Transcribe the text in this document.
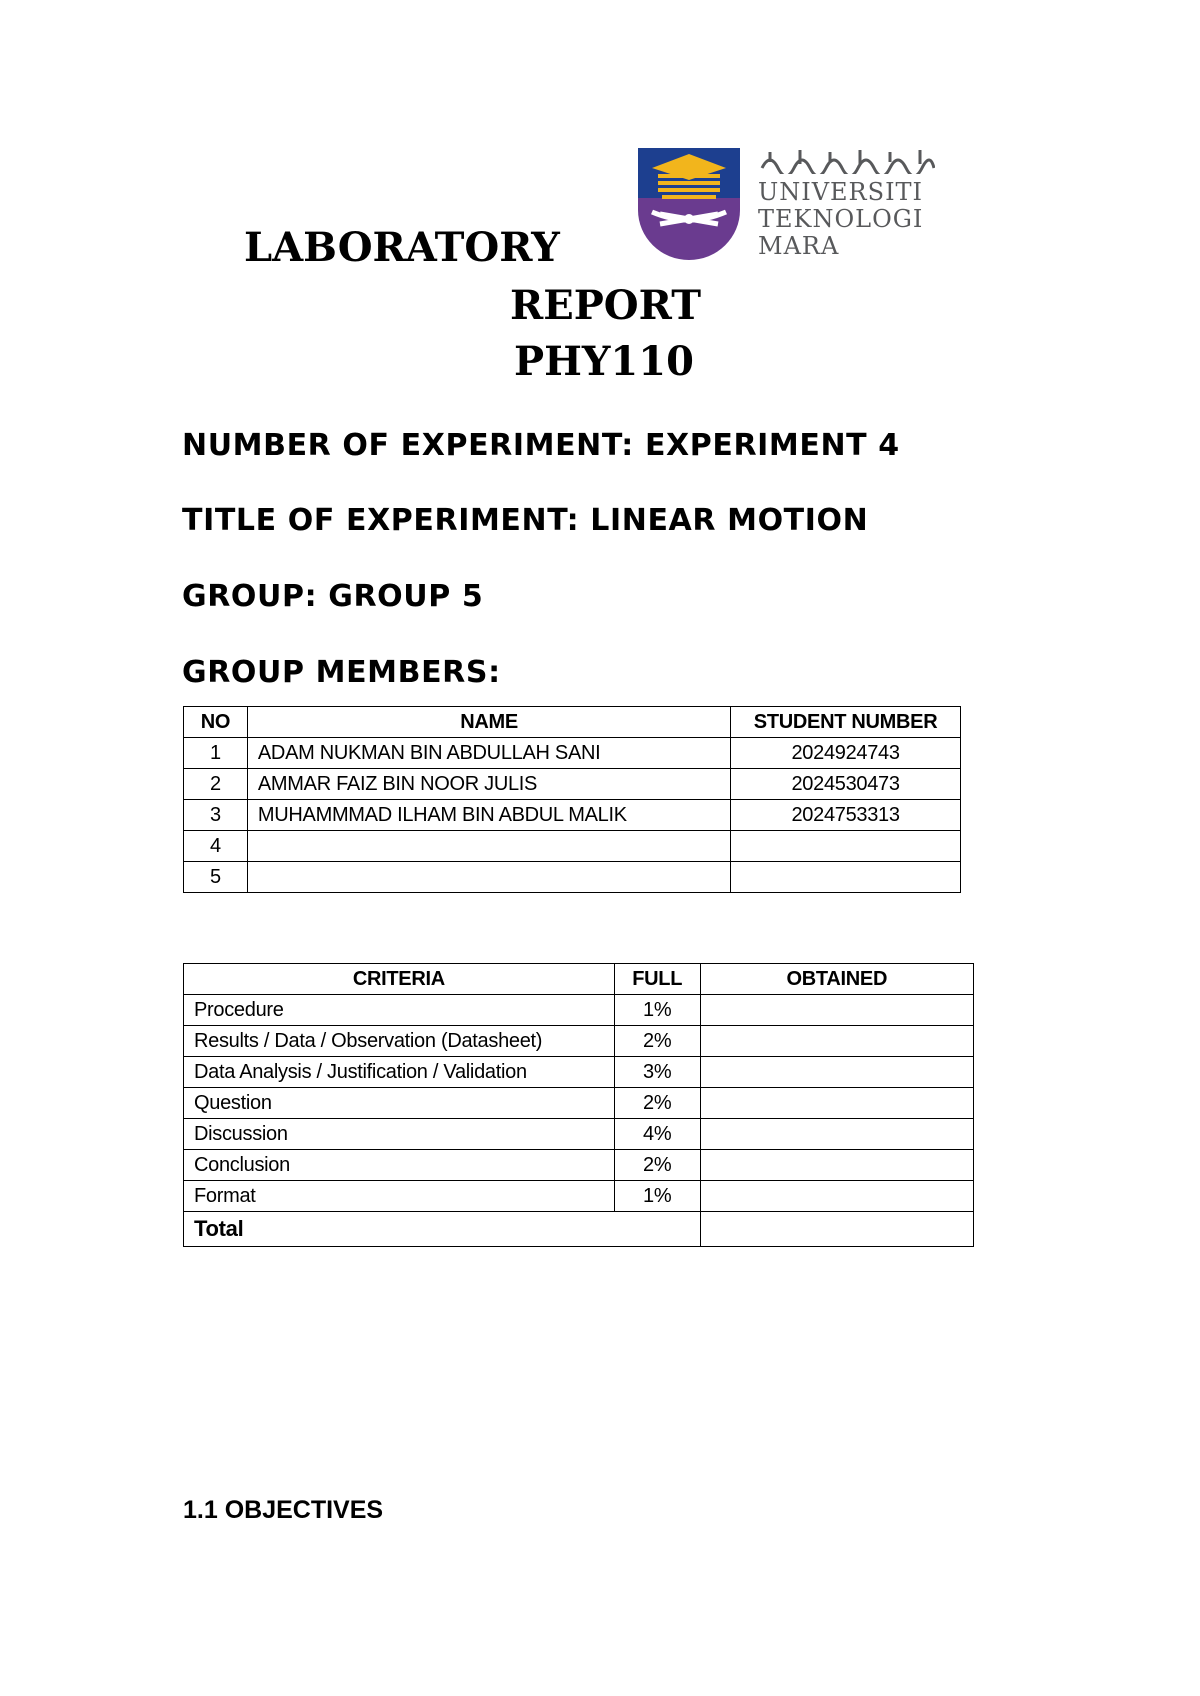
LABORATORY
REPORT
PHY110
UNIVERSITI
TEKNOLOGI
MARA
NUMBER OF EXPERIMENT: EXPERIMENT 4
TITLE OF EXPERIMENT: LINEAR MOTION
GROUP: GROUP 5
GROUP MEMBERS:
NO	NAME	STUDENT NUMBER
1	ADAM NUKMAN BIN ABDULLAH SANI	2024924743
2	AMMAR FAIZ BIN NOOR JULIS	2024530473
3	MUHAMMMAD ILHAM BIN ABDUL MALIK	2024753313
4		
5		
CRITERIA	FULL	OBTAINED
Procedure	1%	
Results / Data / Observation (Datasheet)	2%	
Data Analysis / Justification / Validation	3%	
Question	2%	
Discussion	4%	
Conclusion	2%	
Format	1%	
Total		
1.1 OBJECTIVES
